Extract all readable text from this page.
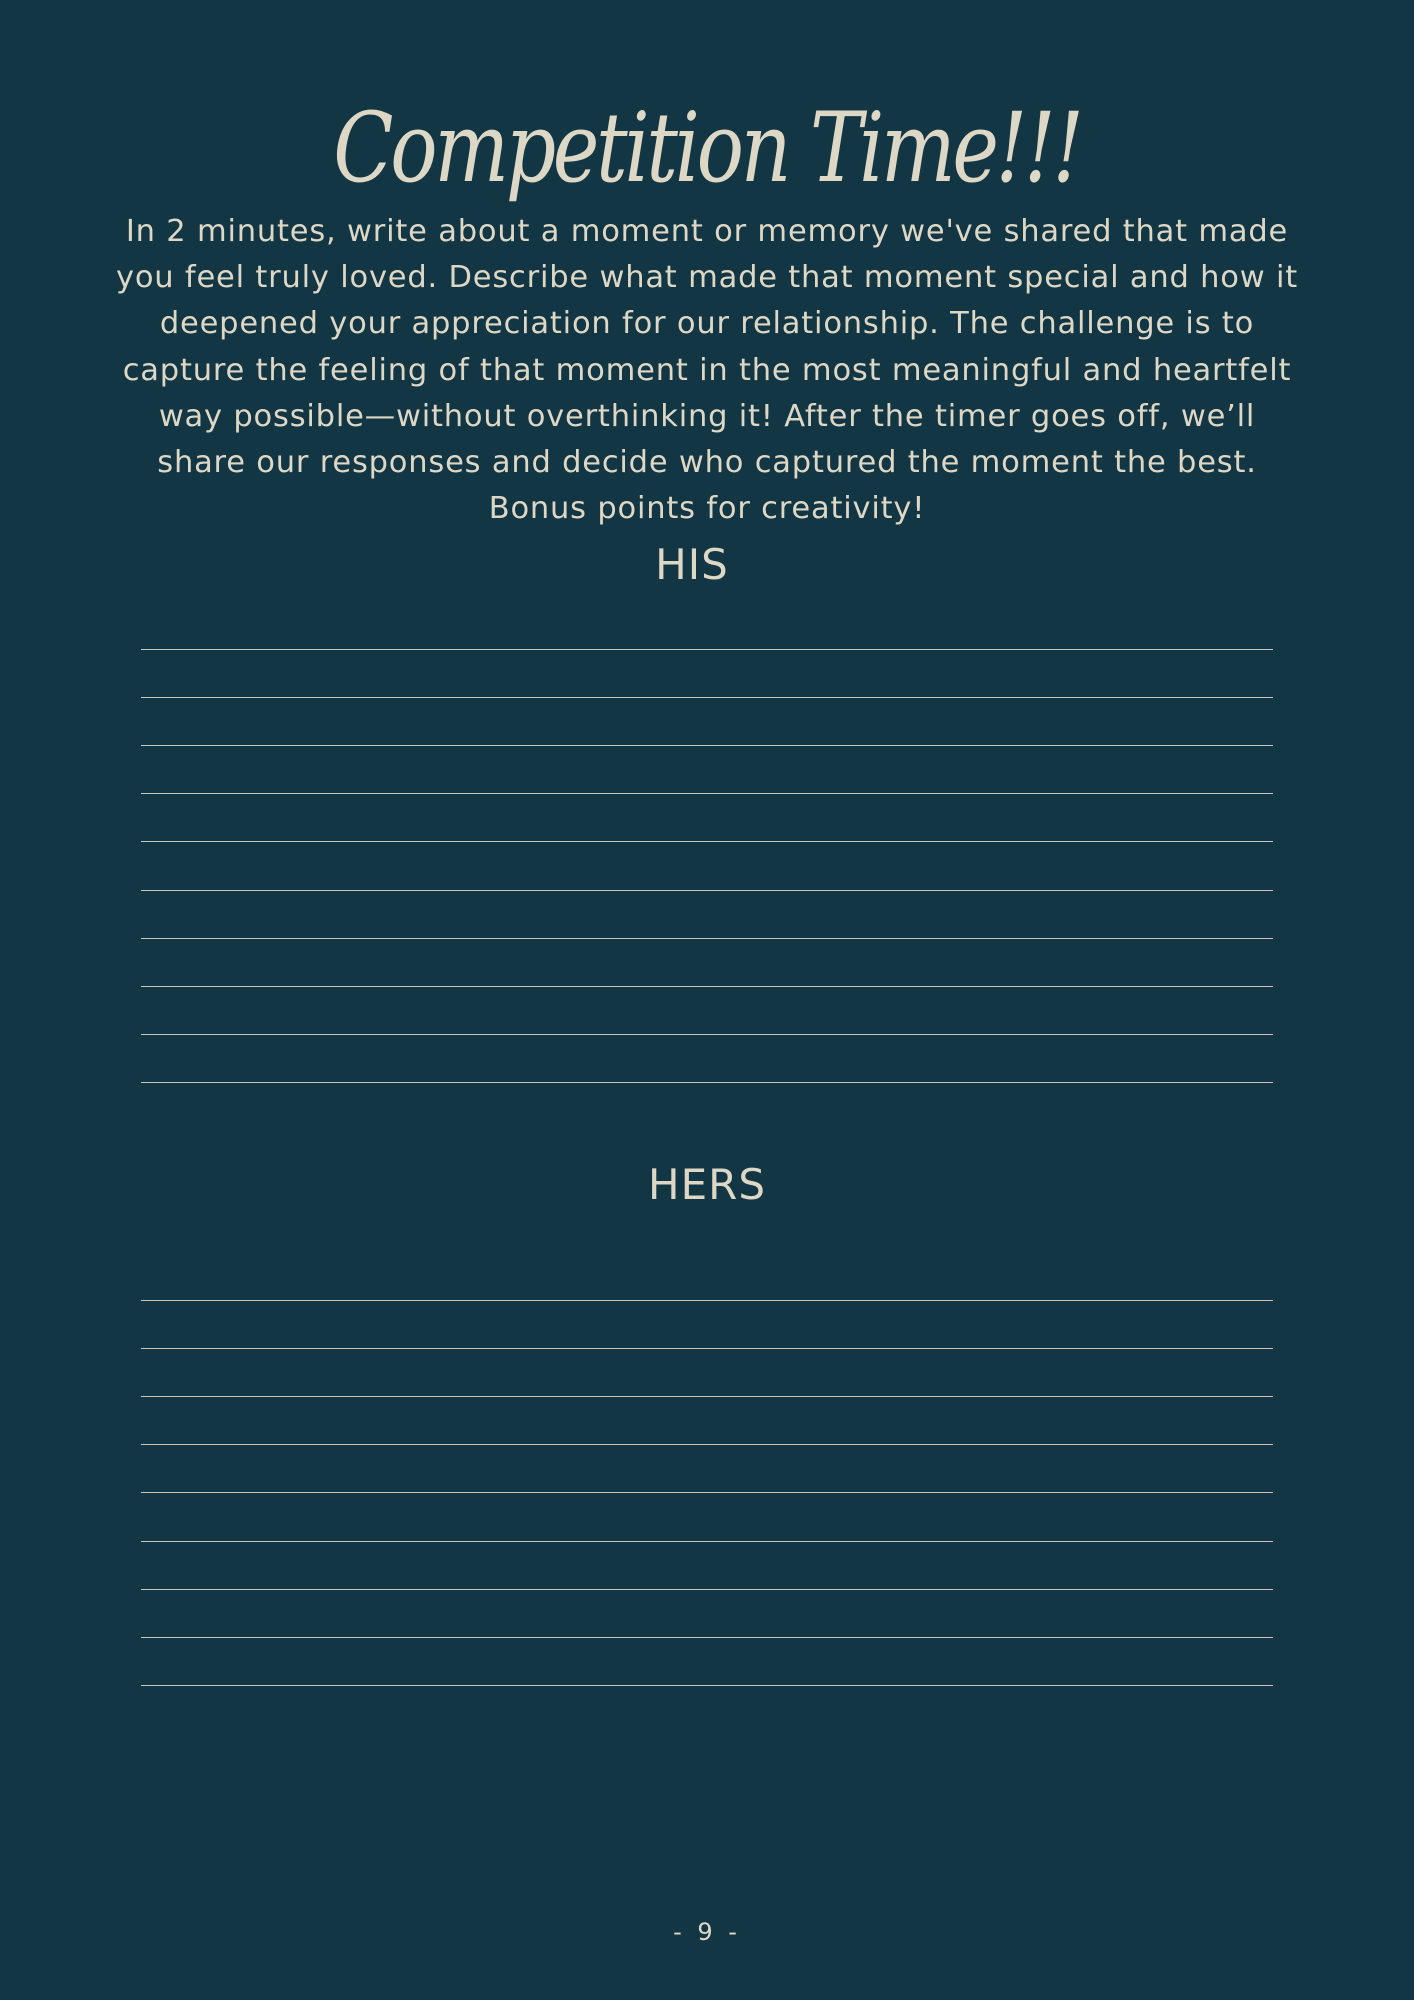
Competition Time!!!

In 2 minutes, write about a moment or memory we've shared that made you feel truly loved. Describe what made that moment special and how it deepened your appreciation for our relationship. The challenge is to capture the feeling of that moment in the most meaningful and heartfelt way possible—without overthinking it! After the timer goes off, we’ll share our responses and decide who captured the moment the best. Bonus points for creativity!

HIS
HERS

- 9 -
